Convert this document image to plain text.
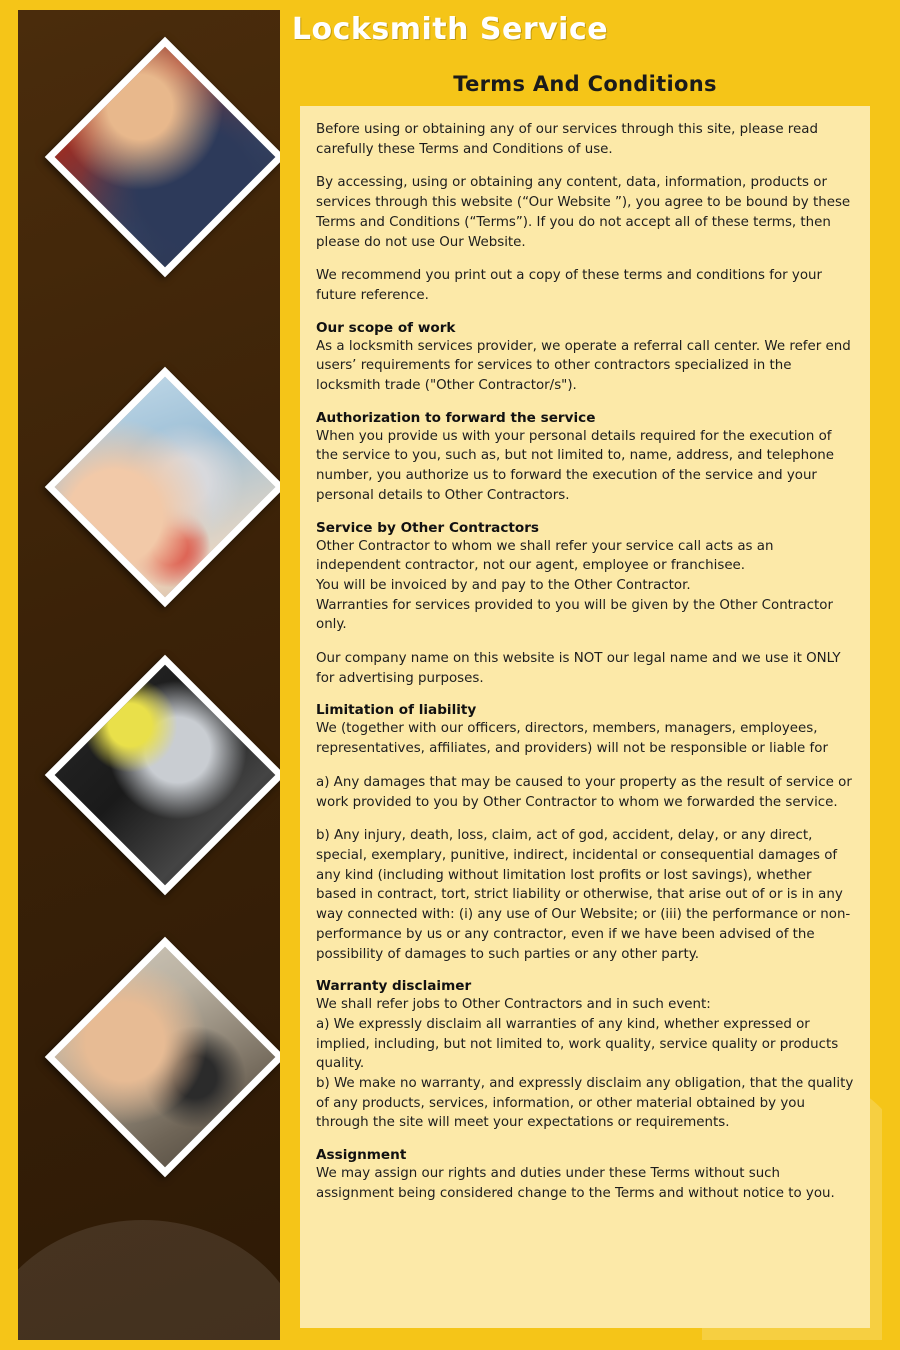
Locksmith Service
Terms And Conditions

Before using or obtaining any of our services through this site, please read carefully these Terms and Conditions of use.

By accessing, using or obtaining any content, data, information, products or services through this website (“Our Website ”), you agree to be bound by these Terms and Conditions (“Terms”). If you do not accept all of these terms, then please do not use Our Website.

We recommend you print out a copy of these terms and conditions for your future reference.

Our scope of work

As a locksmith services provider, we operate a referral call center. We refer end users’ requirements for services to other contractors specialized in the locksmith trade ("Other Contractor/s").

Authorization to forward the service

When you provide us with your personal details required for the execution of the service to you, such as, but not limited to, name, address, and telephone number, you authorize us to forward the execution of the service and your personal details to Other Contractors.

Service by Other Contractors

Other Contractor to whom we shall refer your service call acts as an independent contractor, not our agent, employee or franchisee.

You will be invoiced by and pay to the Other Contractor.

Warranties for services provided to you will be given by the Other Contractor only.

Our company name on this website is NOT our legal name and we use it ONLY for advertising purposes.

Limitation of liability

We (together with our officers, directors, members, managers, employees, representatives, affiliates, and providers) will not be responsible or liable for

a) Any damages that may be caused to your property as the result of service or work provided to you by Other Contractor to whom we forwarded the service.

b) Any injury, death, loss, claim, act of god, accident, delay, or any direct, special, exemplary, punitive, indirect, incidental or consequential damages of any kind (including without limitation lost profits or lost savings), whether based in contract, tort, strict liability or otherwise, that arise out of or is in any way connected with: (i) any use of Our Website; or (iii) the performance or non-performance by us or any contractor, even if we have been advised of the possibility of damages to such parties or any other party.

Warranty disclaimer

We shall refer jobs to Other Contractors and in such event:

a) We expressly disclaim all warranties of any kind, whether expressed or implied, including, but not limited to, work quality, service quality or products quality.

b) We make no warranty, and expressly disclaim any obligation, that the quality of any products, services, information, or other material obtained by you through the site will meet your expectations or requirements.

Assignment

We may assign our rights and duties under these Terms without such assignment being considered change to the Terms and without notice to you.
